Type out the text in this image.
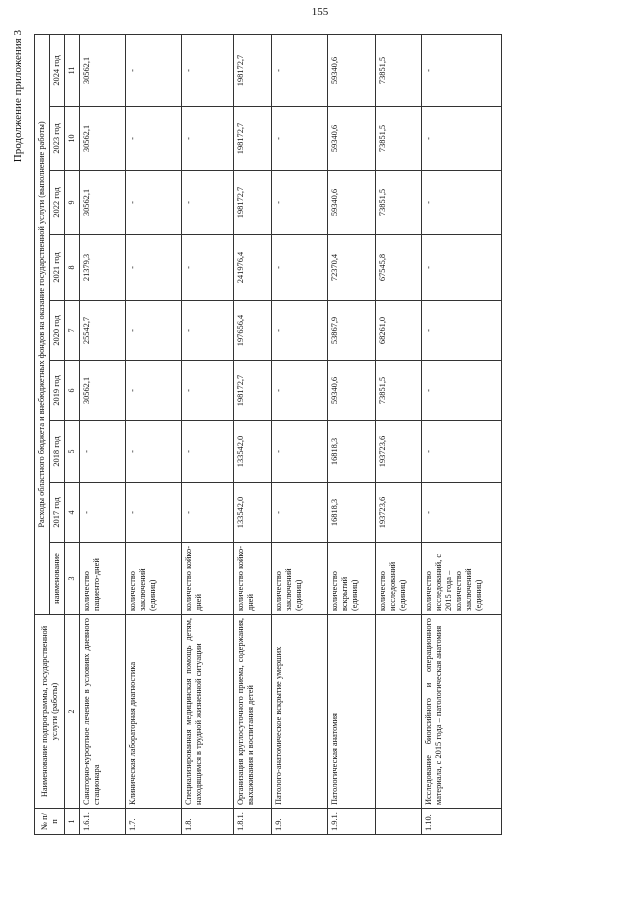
155
Продолжение приложения 3
№ п/п	Наименование подпрограммы, государственной услуги (работы)	Расходы областного бюджета и внебюджетных фондов на оказание государственной услуги (выполнение работы)								
		наименование	2017 год	2018 год	2019 год	2020 год	2021 год	2022 год	2023 год	2024 год

1	2	3	4	5	6	7	8	9	10	11
1.6.1.	Санаторно-курортное лечение в условиях дневного стационара	количество пациенто-дней	-	-	30562,1	25542,7	21379,3	30562,1	30562,1	30562,1
1.7.	Клиническая лабораторная диагностика	количество заключений (единиц)	-	-	-	-	-	-	-	-
1.8.	Специализированная медицинская помощь детям, находящимся в трудной жизненной ситуации	количество койко-дней	-	-	-	-	-	-	-	-
1.8.1.	Организация круглосуточного приема, содержания, выхаживания и воспитания детей	количество койко-дней	133542,0	133542,0	198172,7	197656,4	241976,4	198172,7	198172,7	198172,7
1.9.	Патолого-анатомическое вскрытие умерших	количество заключений (единиц)	-	-	-	-	-	-	-	-
1.9.1.	Патологическая анатомия	количество вскрытий (единиц)	16818,3	16818,3	59340,6	53867,9	72370,4	59340,6	59340,6	59340,6
		количество исследований (единиц)	193723,6	193723,6	73851,5	68261,0	67545,8	73851,5	73851,5	73851,5
1.10.	Исследование биопсийного и операционного материала, с 2015 года – патологическая анатомия	количество исследований, с 2015 года – количество заключений (единиц)	-	-	-	-	-	-	-	-
